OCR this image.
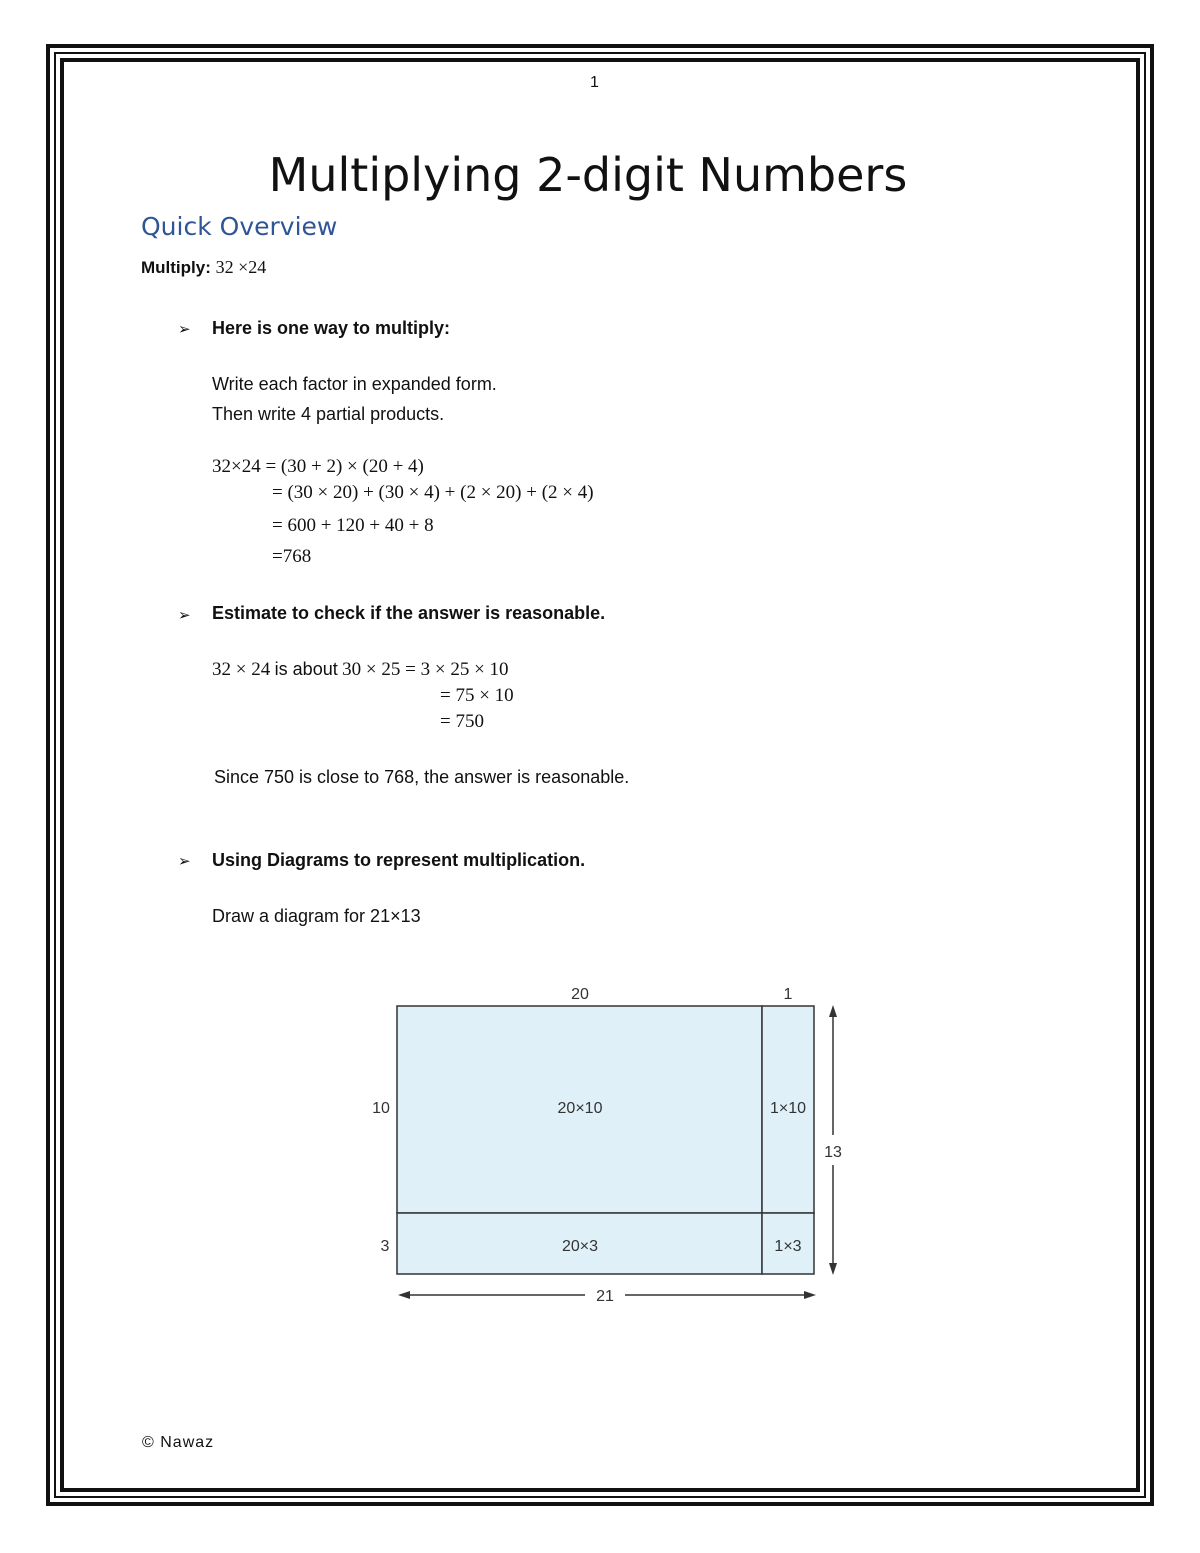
1
Multiplying 2-digit Numbers
Quick Overview
Multiply: 32 ×24
➢ Here is one way to multiply:
Write each factor in expanded form.
Then write 4 partial products.
32×24 = (30 + 2) × (20 + 4)
= (30 × 20) + (30 × 4) + (2 × 20) + (2 × 4)
= 600 + 120 + 40 + 8
=768
➢ Estimate to check if the answer is reasonable.
32 × 24 is about 30 × 25 = 3 × 25 × 10
= 75 × 10
= 750
Since 750 is close to 768, the answer is reasonable.
➢ Using Diagrams to represent multiplication.
Draw a diagram for 21×13
20	1
10
3
20×10	1×10
20×3	1×3
13
21
© Nawaz
